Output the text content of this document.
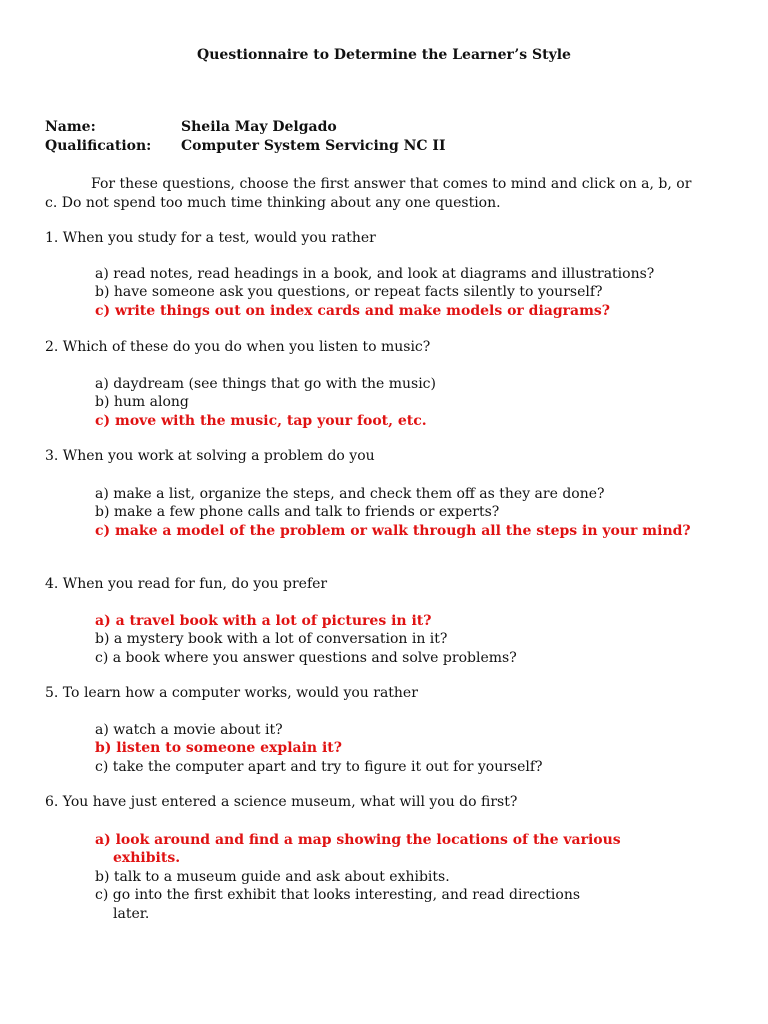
Questionnaire to Determine the Learner’s Style
Name:	Sheila May Delgado
Qualification: Computer System Servicing NC II
For these questions, choose the first answer that comes to mind and click on a, b, or
c. Do not spend too much time thinking about any one question.
1. When you study for a test, would you rather
a) read notes, read headings in a book, and look at diagrams and illustrations?
b) have someone ask you questions, or repeat facts silently to yourself?
c) write things out on index cards and make models or diagrams?
2. Which of these do you do when you listen to music?
a) daydream (see things that go with the music)
b) hum along
c) move with the music, tap your foot, etc.
3. When you work at solving a problem do you
a) make a list, organize the steps, and check them off as they are done?
b) make a few phone calls and talk to friends or experts?
c) make a model of the problem or walk through all the steps in your mind?
4. When you read for fun, do you prefer
a) a travel book with a lot of pictures in it?
b) a mystery book with a lot of conversation in it?
c) a book where you answer questions and solve problems?
5. To learn how a computer works, would you rather
a) watch a movie about it?
b) listen to someone explain it?
c) take the computer apart and try to figure it out for yourself?
6. You have just entered a science museum, what will you do first?
a) look around and find a map showing the locations of the various
exhibits.
b) talk to a museum guide and ask about exhibits.
c) go into the first exhibit that looks interesting, and read directions
later.
